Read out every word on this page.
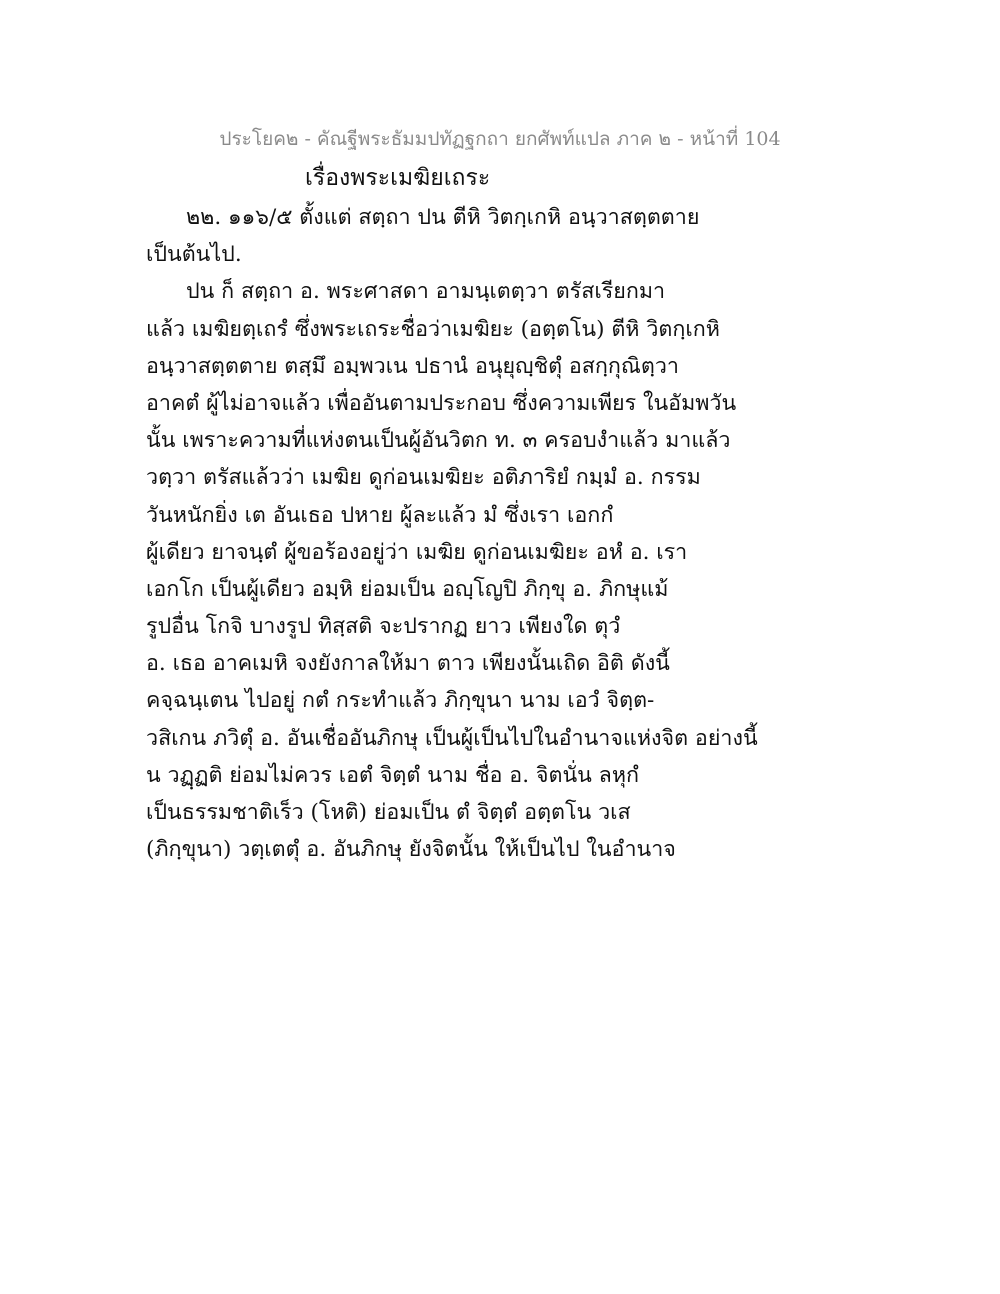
ประโยค๒ - คัณฐีพระธัมมปทัฏฐกถา ยกศัพท์แปล ภาค ๒ - หน้าที่ 104
เรื่องพระเมฆิยเถระ
๒๒. ๑๑๖/๕ ตั้งแต่ สตฺถา ปน ตีหิ วิตกฺเกหิ อนฺวาสตฺตตาย
เป็นต้นไป.
ปน ก็ สตฺถา อ. พระศาสดา อามนฺเตตฺวา ตรัสเรียกมา
แล้ว เมฆิยตฺเถรํ ซึ่งพระเถระชื่อว่าเมฆิยะ (อตฺตโน) ตีหิ วิตกฺเกหิ
อนฺวาสตฺตตาย ตสฺมึ อมฺพวเน ปธานํ อนุยุญฺชิตุํ อสกฺกุณิตฺวา
อาคตํ ผู้ไม่อาจแล้ว เพื่ออันตามประกอบ ซึ่งความเพียร ในอัมพวัน
นั้น เพราะความที่แห่งตนเป็นผู้อันวิตก ท. ๓ ครอบงำแล้ว มาแล้ว
วตฺวา ตรัสแล้วว่า เมฆิย ดูก่อนเมฆิยะ อติภาริยํ กมฺมํ อ. กรรม
วันหนักยิ่ง เต อันเธอ ปหาย ผู้ละแล้ว มํ ซึ่งเรา เอกกํ
ผู้เดียว ยาจนฺตํ ผู้ขอร้องอยู่ว่า เมฆิย ดูก่อนเมฆิยะ อหํ อ. เรา
เอกโก เป็นผู้เดียว อมฺหิ ย่อมเป็น อญฺโญปิ ภิกฺขุ อ. ภิกษุแม้
รูปอื่น โกจิ บางรูป ทิสฺสติ จะปรากฏ ยาว เพียงใด ตุวํ
อ. เธอ อาคเมหิ จงยังกาลให้มา ตาว เพียงนั้นเถิด อิติ ดังนี้
คจฺฉนฺเตน ไปอยู่ กตํ กระทำแล้ว ภิกฺขุนา นาม เอวํ จิตฺต-
วสิเกน ภวิตุํ อ. อันเชื่ออันภิกษุ เป็นผู้เป็นไปในอำนาจแห่งจิต อย่างนี้
น วฏฺฏติ ย่อมไม่ควร เอตํ จิตฺตํ นาม ชื่อ อ. จิตนั่น ลหุกํ
เป็นธรรมชาติเร็ว (โหติ) ย่อมเป็น ตํ จิตฺตํ อตฺตโน วเส
(ภิกฺขุนา) วตฺเตตุํ อ. อันภิกษุ ยังจิตนั้น ให้เป็นไป ในอำนาจ
